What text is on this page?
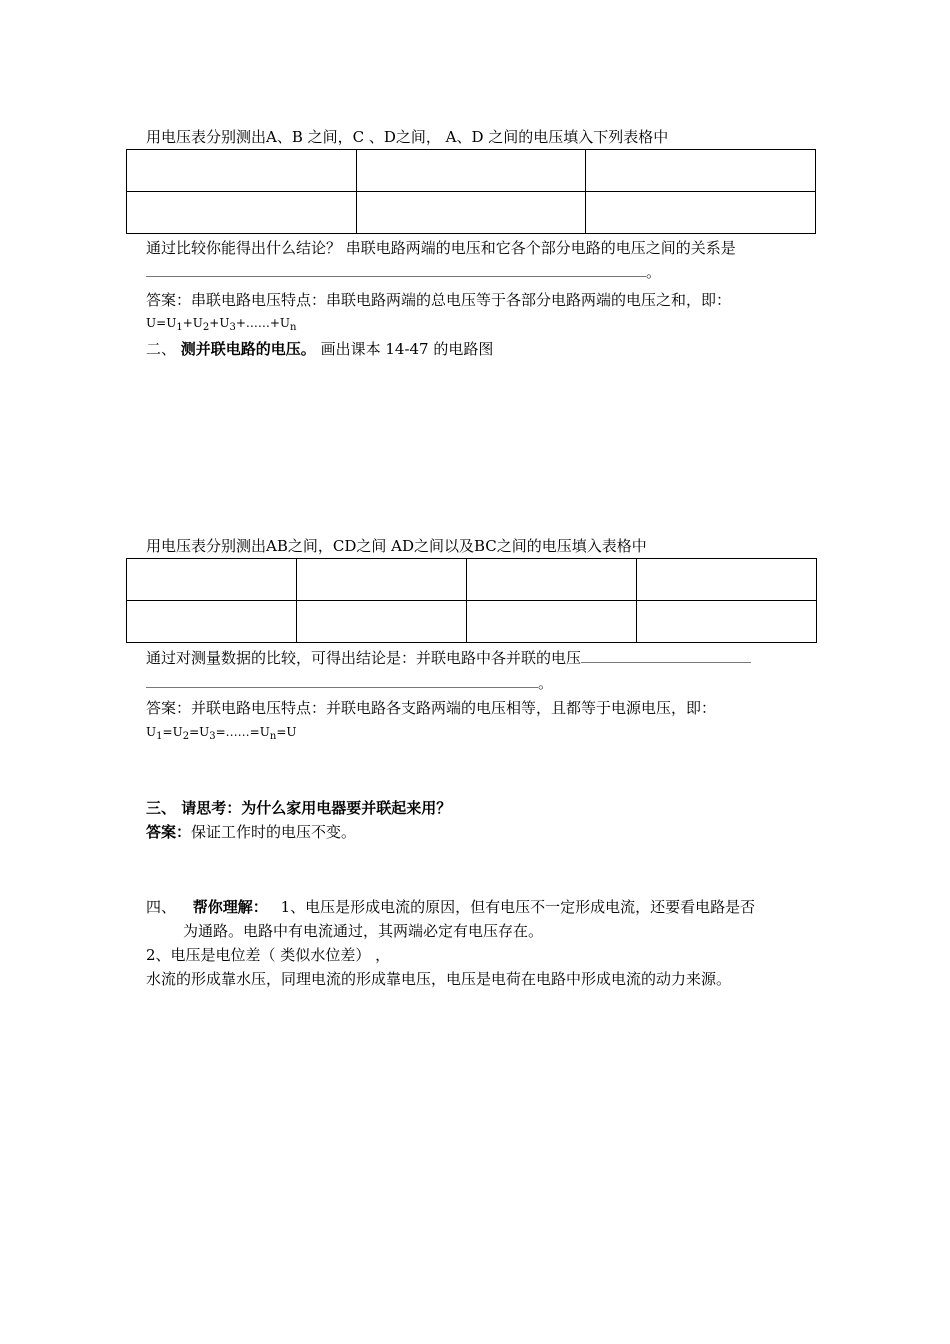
用电压表分别测出A、B 之间，C 、D之间， A、D 之间的电压填入下列表格中

通过比较你能得出什么结论？ 串联电路两端的电压和它各个部分电路的电压之间的关系是
。
答案：串联电路电压特点：串联电路两端的总电压等于各部分电路两端的电压之和，即：
$U=U_1+U_2+U_3+\dots\dots+U_n$
二、 测并联电路的电压。 画出课本 14-47 的电路图
用电压表分别测出AB之间，CD之间 AD之间以及BC之间的电压填入表格中

通过对测量数据的比较，可得出结论是：并联电路中各并联的电压
。
答案：并联电路电压特点：并联电路各支路两端的电压相等，且都等于电源电压，即：
$U_1=U_2=U_3=\dots\dots=U_n=U$
三、 请思考：为什么家用电器要并联起来用？
答案：保证工作时的电压不变。
四、 帮你理解： 1、电压是形成电流的原因，但有电压不一定形成电流，还要看电路是否
为通路。电路中有电流通过，其两端必定有电压存在。
2、电压是电位差（ 类似水位差） ，
水流的形成靠水压，同理电流的形成靠电压，电压是电荷在电路中形成电流的动力来源。
